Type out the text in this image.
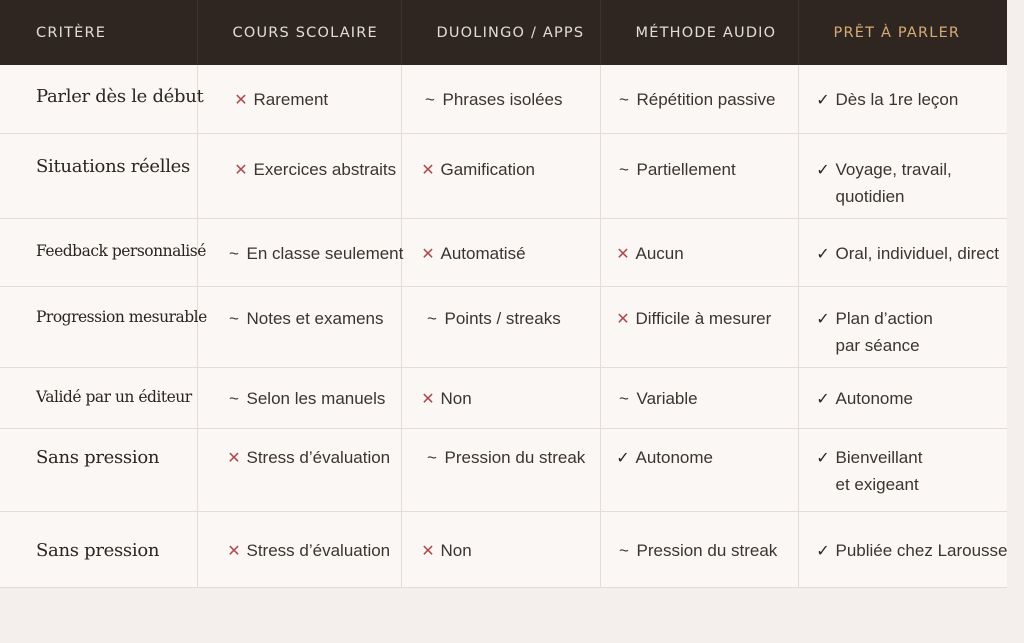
CRITÈRE	COURS SCOLAIRE	DUOLINGO / APPS	MÉTHODE AUDIO	PRÊT À PARLER
Parler dès le début	✕ Rarement	~ Phrases isolées	~ Répétition passive	✓ Dès la 1re leçon
Situations réelles	✕ Exercices abstraits	✕ Gamification	~ Partiellement	✓ Voyage, travail,
quotidien

Feedback personnalisé	~ En classe seulement	✕ Automatisé	✕ Aucun	✓ Oral, individuel, direct
Progression mesurable	~ Notes et examens	~ Points / streaks	✕ Difficile à mesurer	✓ Plan d’action
par séance

Validé par un éditeur	~ Selon les manuels	✕ Non	~ Variable	✓ Autonome
Sans pression	✕ Stress d’évaluation	~ Pression du streak	✓ Autonome	✓ Bienveillant
et exigeant

Sans pression	✕ Stress d’évaluation	✕ Non	~ Pression du streak	✓ Publiée chez Larousse
